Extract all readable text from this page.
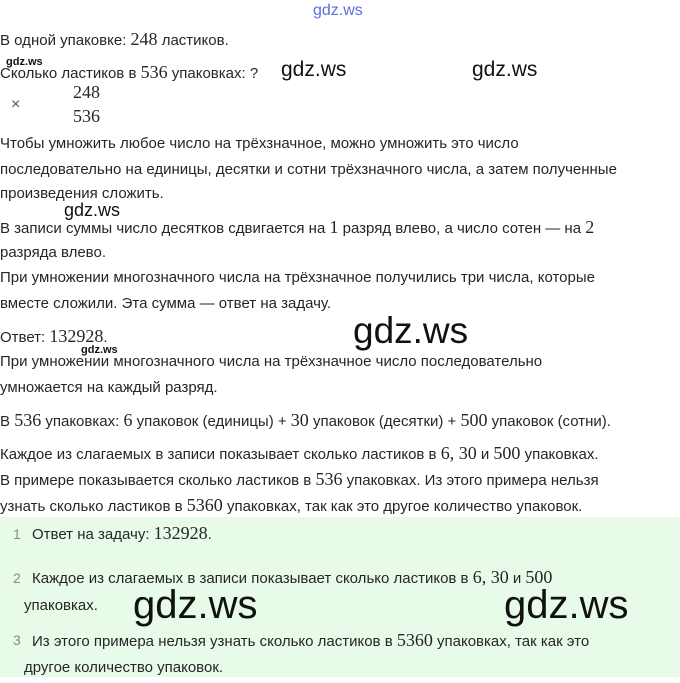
gdz.ws
gdz.ws	gdz.ws	gdz.ws
gdz.ws
gdz.ws
gdz.ws
В одной упаковке: 248 ластиков.
Сколько ластиков в 536 упаковках: ?
×
248
536
Чтобы умножить любое число на трёхзначное, можно умножить это число
последовательно на единицы, десятки и сотни трёхзначного числа, а затем полученные
произведения сложить.
В записи суммы число десятков сдвигается на 1 разряд влево, а число сотен — на 2
разряда влево.
При умножении многозначного числа на трёхзначное получились три числа, которые
вместе сложили. Эта сумма — ответ на задачу.
Ответ: 132928.
При умножении многозначного числа на трёхзначное число последовательно
умножается на каждый разряд.
В 536 упаковках: 6 упаковок (единицы) + 30 упаковок (десятки) + 500 упаковок (сотни).
Каждое из слагаемых в записи показывает сколько ластиков в 6, 30 и 500 упаковках.
В примере показывается сколько ластиков в 536 упаковках. Из этого примера нельзя
узнать сколько ластиков в 5360 упаковках, так как это другое количество упаковок.
1 Ответ на задачу: 132928.
2 Каждое из слагаемых в записи показывает сколько ластиков в 6, 30 и 500
упаковках.
3 Из этого примера нельзя узнать сколько ластиков в 5360 упаковках, так как это
другое количество упаковок.
gdz.ws	gdz.ws
